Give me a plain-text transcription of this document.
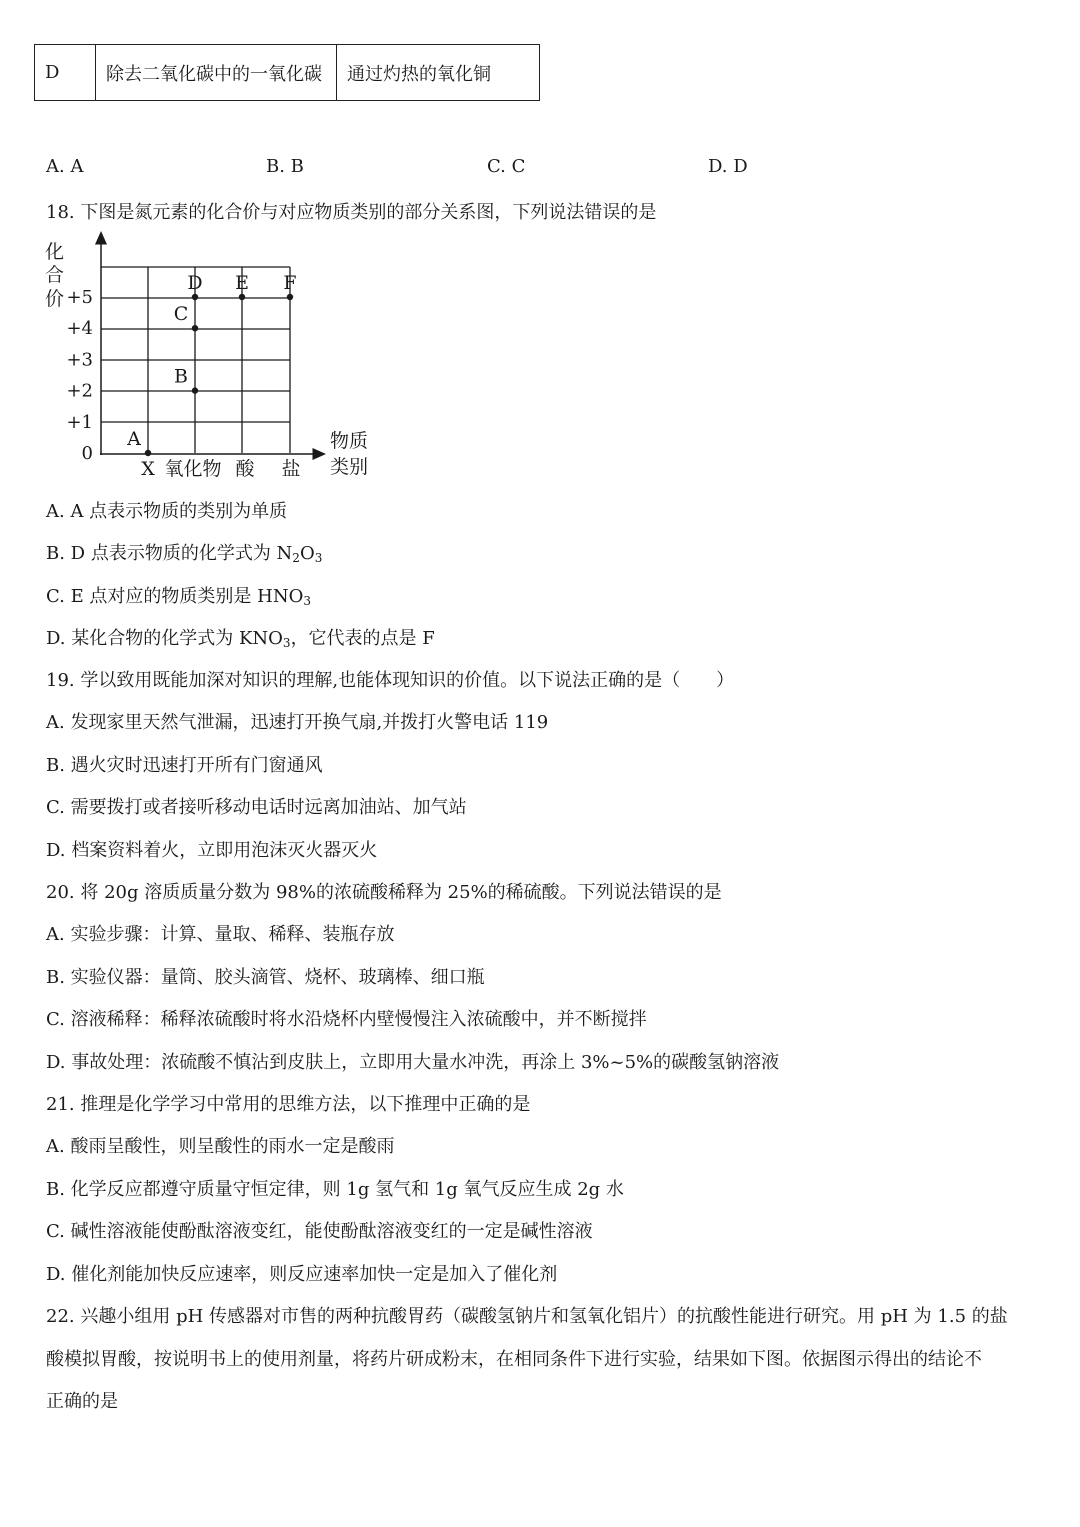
D	除去二氧化碳中的一氧化碳	通过灼热的氧化铜
A. A	B. B	C. C	D. D
18. 下图是氮元素的化合价与对应物质类别的部分关系图，下列说法错误的是
化
合
价
物质
类别
+5
+4
+3
+2
+1
0
X 氧化物 酸 盐
A
B
C
D E F
A. A 点表示物质的类别为单质
B. D 点表示物质的化学式为 $N_2O_3$
C. E 点对应的物质类别是 $HNO_3$
D. 某化合物的化学式为 $KNO_3$，它代表的点是 F
19. 学以致用既能加深对知识的理解,也能体现知识的价值。以下说法正确的是（　　）
A. 发现家里天然气泄漏，迅速打开换气扇,并拨打火警电话 119
B. 遇火灾时迅速打开所有门窗通风
C. 需要拨打或者接听移动电话时远离加油站、加气站
D. 档案资料着火，立即用泡沫灭火器灭火
20. 将 20g 溶质质量分数为 98%的浓硫酸稀释为 25%的稀硫酸。下列说法错误的是
A. 实验步骤：计算、量取、稀释、装瓶存放
B. 实验仪器：量筒、胶头滴管、烧杯、玻璃棒、细口瓶
C. 溶液稀释：稀释浓硫酸时将水沿烧杯内壁慢慢注入浓硫酸中，并不断搅拌
D. 事故处理：浓硫酸不慎沾到皮肤上，立即用大量水冲洗，再涂上 3%~5%的碳酸氢钠溶液
21. 推理是化学学习中常用的思维方法，以下推理中正确的是
A. 酸雨呈酸性，则呈酸性的雨水一定是酸雨
B. 化学反应都遵守质量守恒定律，则 1g 氢气和 1g 氧气反应生成 2g 水
C. 碱性溶液能使酚酞溶液变红，能使酚酞溶液变红的一定是碱性溶液
D. 催化剂能加快反应速率，则反应速率加快一定是加入了催化剂
22. 兴趣小组用 pH 传感器对市售的两种抗酸胃药（碳酸氢钠片和氢氧化铝片）的抗酸性能进行研究。用 pH 为 1.5 的盐
酸模拟胃酸，按说明书上的使用剂量，将药片研成粉末，在相同条件下进行实验，结果如下图。依据图示得出的结论不
正确的是
